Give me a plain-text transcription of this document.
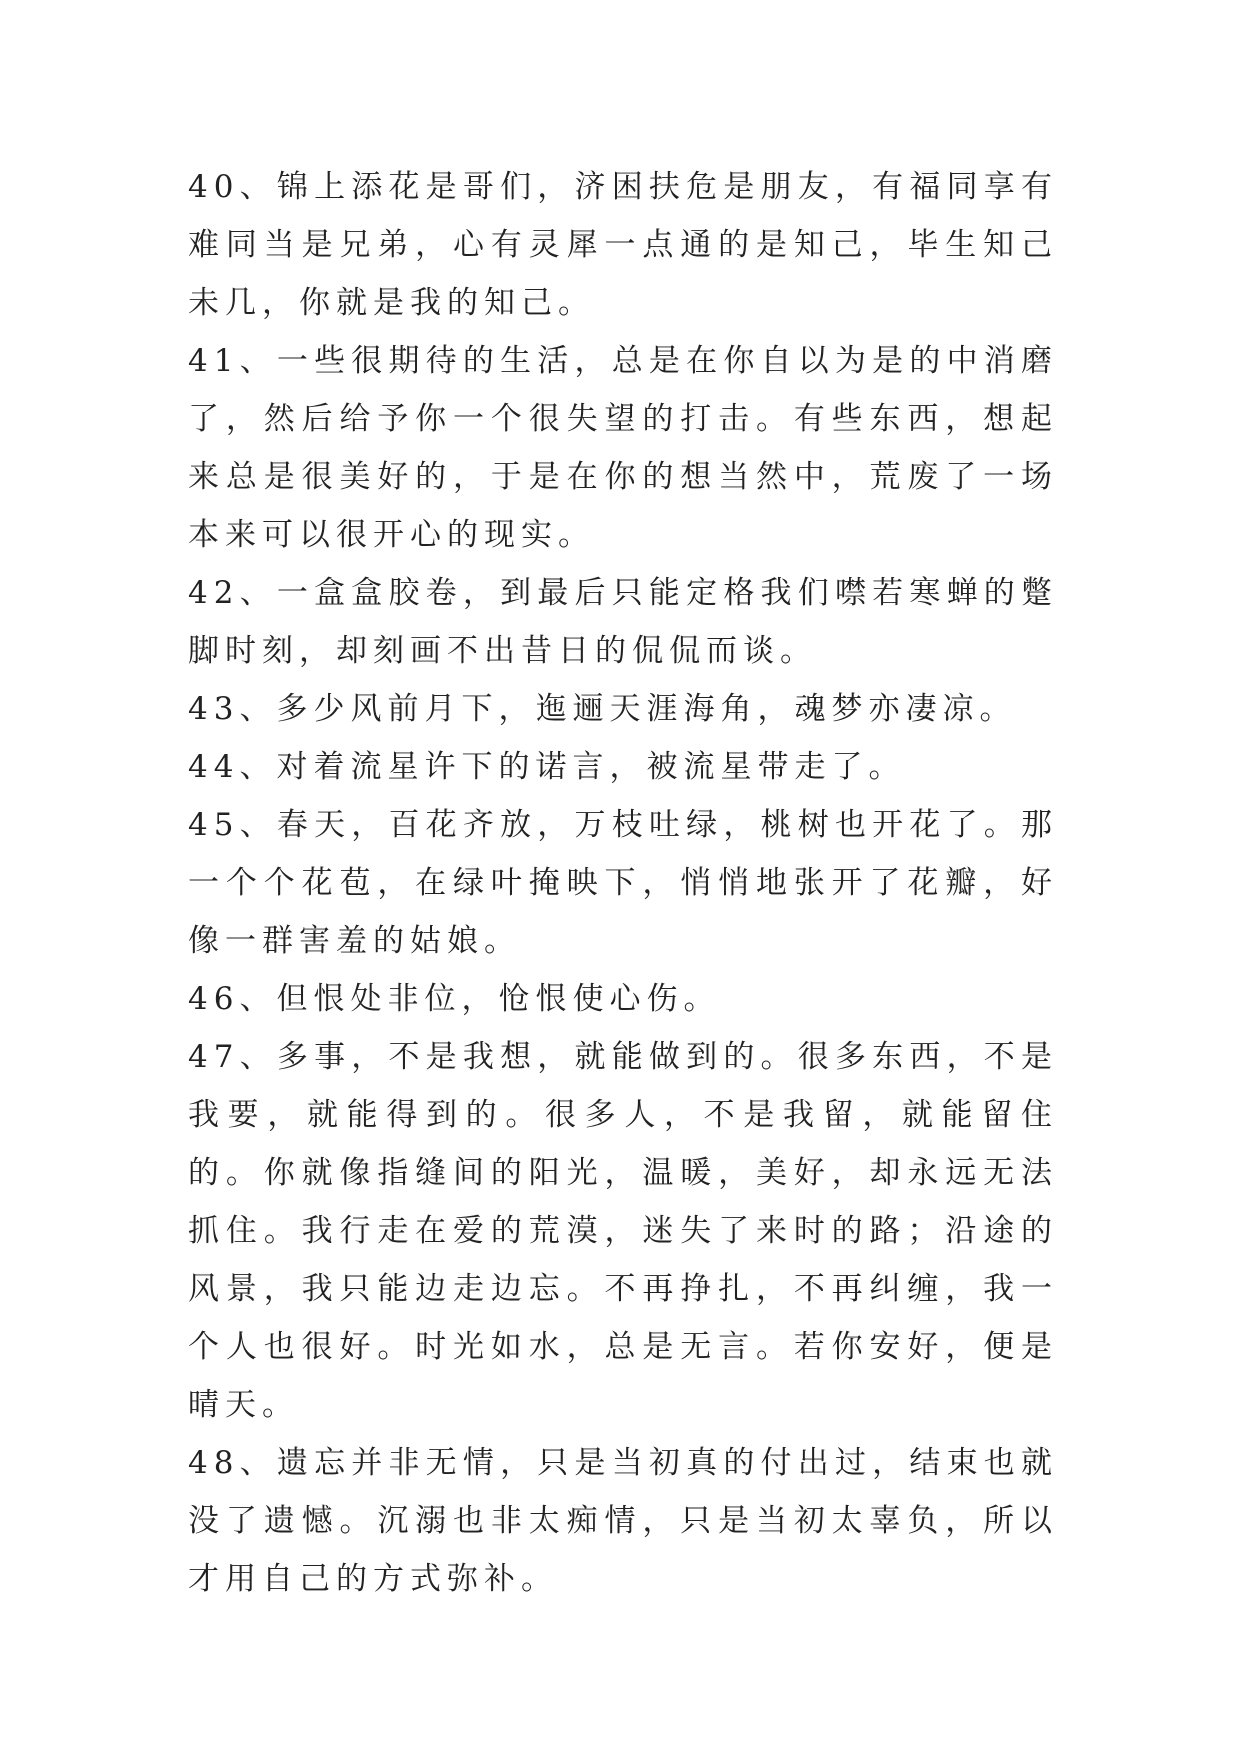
40、锦上添花是哥们，济困扶危是朋友，有福同享有难同当是兄弟，心有灵犀一点通的是知己，毕生知己未几，你就是我的知己。

41、一些很期待的生活，总是在你自以为是的中消磨了，然后给予你一个很失望的打击。有些东西，想起来总是很美好的，于是在你的想当然中，荒废了一场本来可以很开心的现实。

42、一盒盒胶卷，到最后只能定格我们噤若寒蝉的蹩脚时刻，却刻画不出昔日的侃侃而谈。

43、多少风前月下，迤逦天涯海角，魂梦亦凄凉。

44、对着流星许下的诺言，被流星带走了。

45、春天，百花齐放，万枝吐绿，桃树也开花了。那一个个花苞，在绿叶掩映下，悄悄地张开了花瓣，好像一群害羞的姑娘。

46、但恨处非位，怆恨使心伤。

47、多事，不是我想，就能做到的。很多东西，不是我要，就能得到的。很多人，不是我留，就能留住的。你就像指缝间的阳光，温暖，美好，却永远无法抓住。我行走在爱的荒漠，迷失了来时的路；沿途的风景，我只能边走边忘。不再挣扎，不再纠缠，我一个人也很好。时光如水，总是无言。若你安好，便是晴天。

48、遗忘并非无情，只是当初真的付出过，结束也就没了遗憾。沉溺也非太痴情，只是当初太辜负，所以才用自己的方式弥补。
